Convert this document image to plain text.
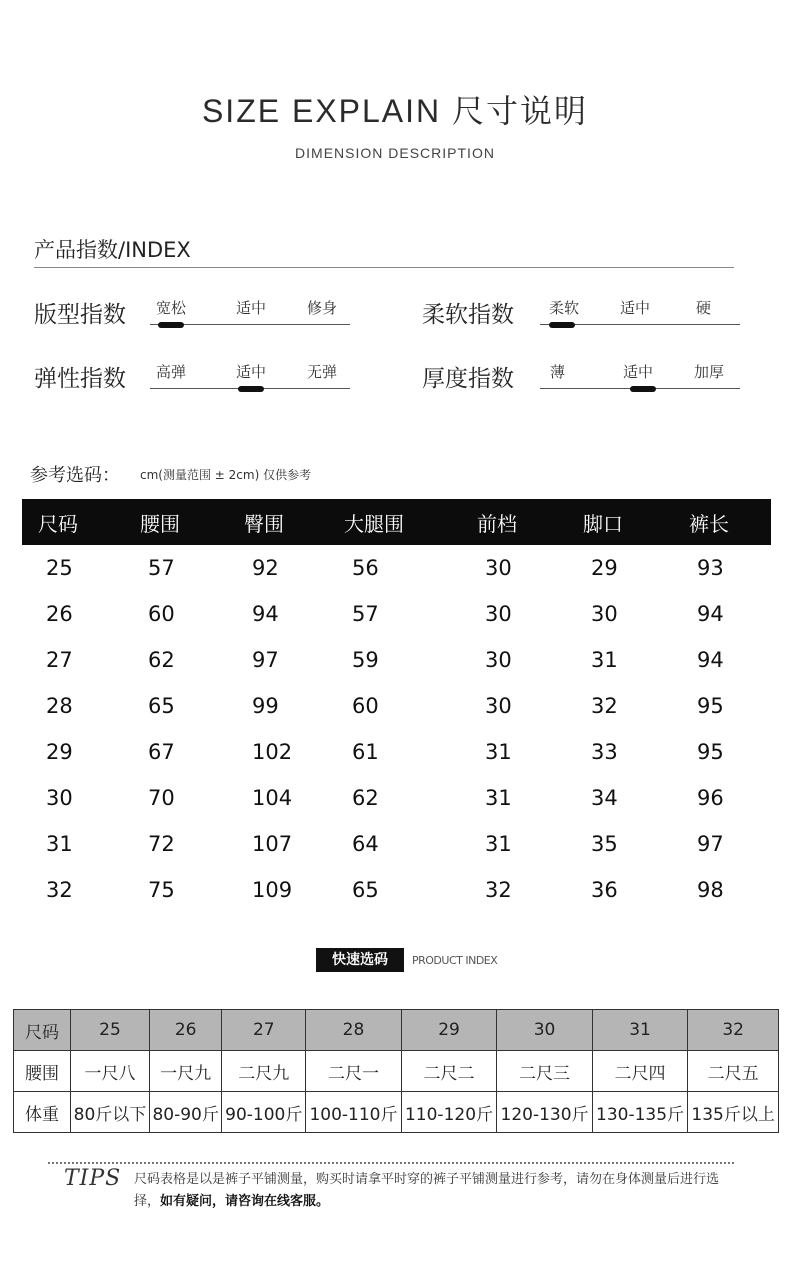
SIZE EXPLAIN 尺寸说明
DIMENSION DESCRIPTION
产品指数/INDEX
版型指数 宽松	适中	修身	柔软指数 柔软	适中	硬
弹性指数 高弹	适中	无弹	厚度指数 薄	适中	加厚
参考选码： cm(测量范围 ± 2cm) 仅供参考
尺码	腰围	臀围	大腿围	前档	脚口	裤长
25	57	92	56	30	29	93
26	60	94	57	30	30	94
27	62	97	59	30	31	94
28	65	99	60	30	32	95
29	67	102	61	31	33	95
30	70	104	62	31	34	96
31	72	107	64	31	35	97
32	75	109	65	32	36	98
快速选码	PRODUCT INDEX
尺码	25	26	27	28	29	30	31	32
腰围	一尺八	一尺九	二尺九	二尺一	二尺二	二尺三	二尺四	二尺五
体重	80斤以下	80-90斤	90-100斤	100-110斤	110-120斤	120-130斤	130-135斤	135斤以上
TIPS 尺码表格是以是裤子平铺测量，购买时请拿平时穿的裤子平铺测量进行参考，请勿在身体测量后进行选择，如有疑问，请咨询在线客服。
